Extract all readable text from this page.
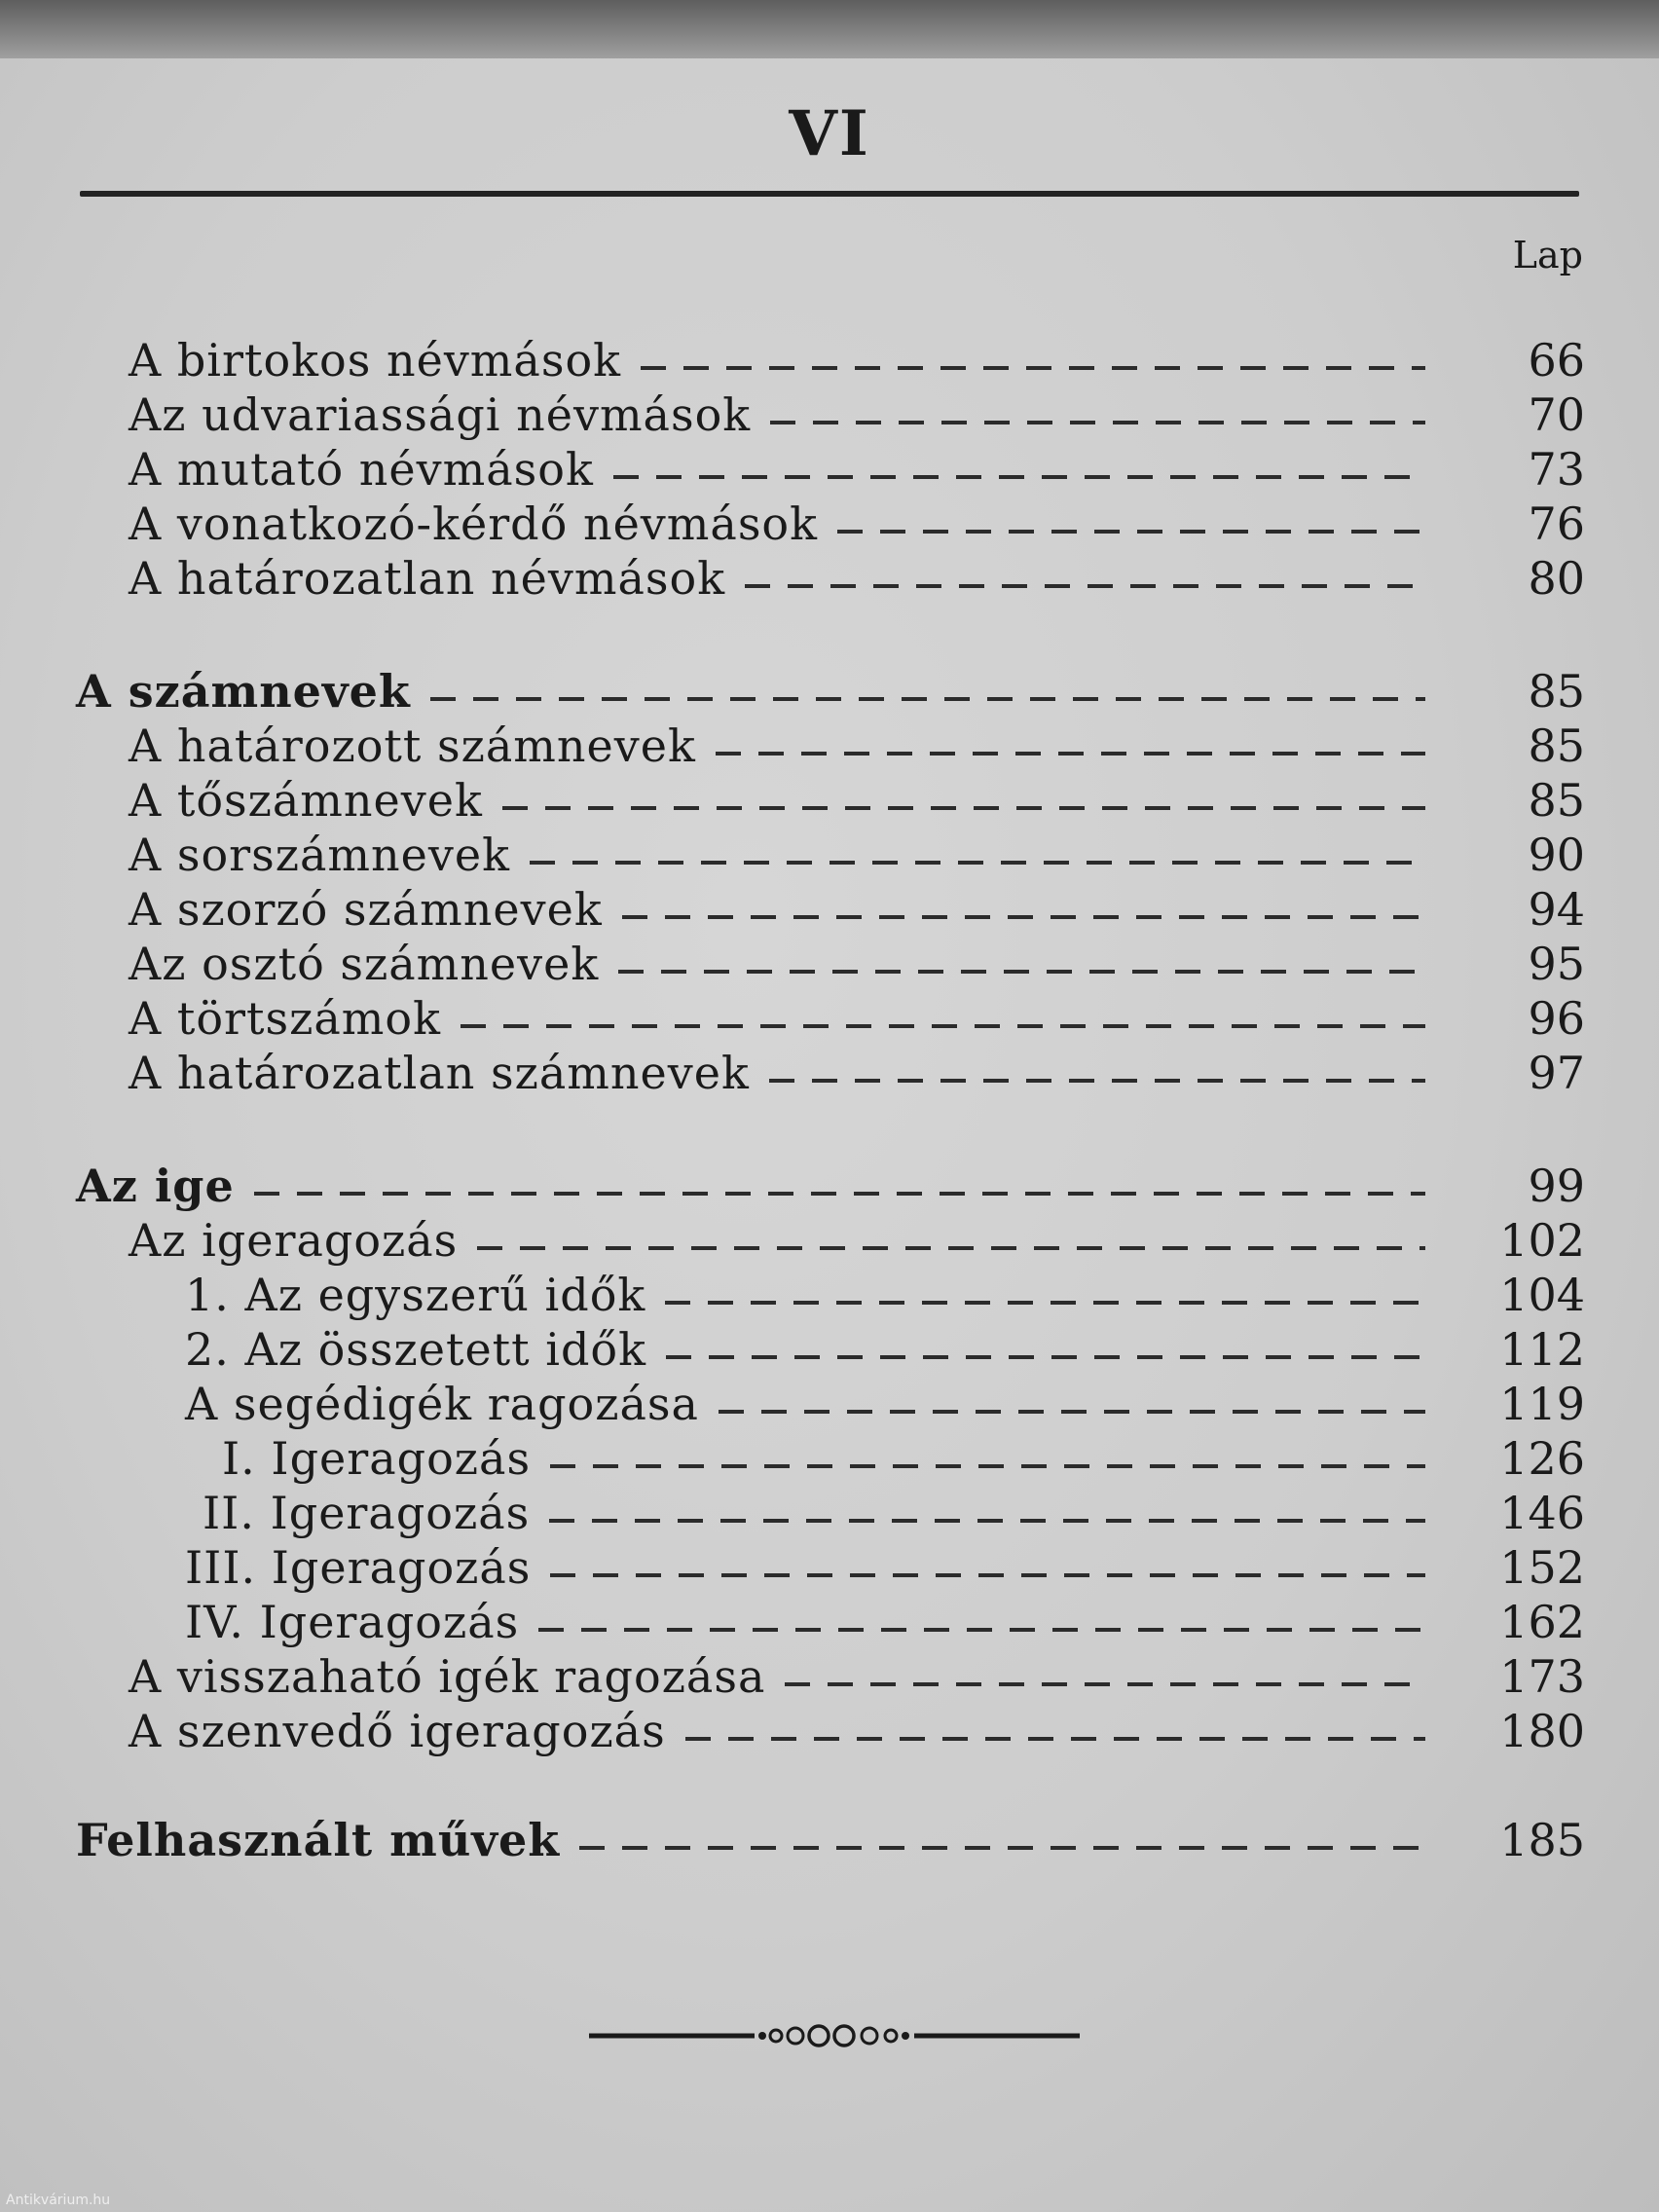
VI
Lap
A birtokos névmások	66
Az udvariassági névmások	70
A mutató névmások	73
A vonatkozó-kérdő névmások	76
A határozatlan névmások	80
A számnevek	85
A határozott számnevek	85
A tőszámnevek	85
A sorszámnevek	90
A szorzó számnevek	94
Az osztó számnevek	95
A törtszámok	96
A határozatlan számnevek	97
Az ige	99
Az igeragozás	102
1. Az egyszerű idők	104
2. Az összetett idők	112
A segédigék ragozása	119
I. Igeragozás	126
II. Igeragozás	146
III. Igeragozás	152
IV. Igeragozás	162
A visszaható igék ragozása	173
A szenvedő igeragozás	180
Felhasznált művek	185
Antikvárium.hu
